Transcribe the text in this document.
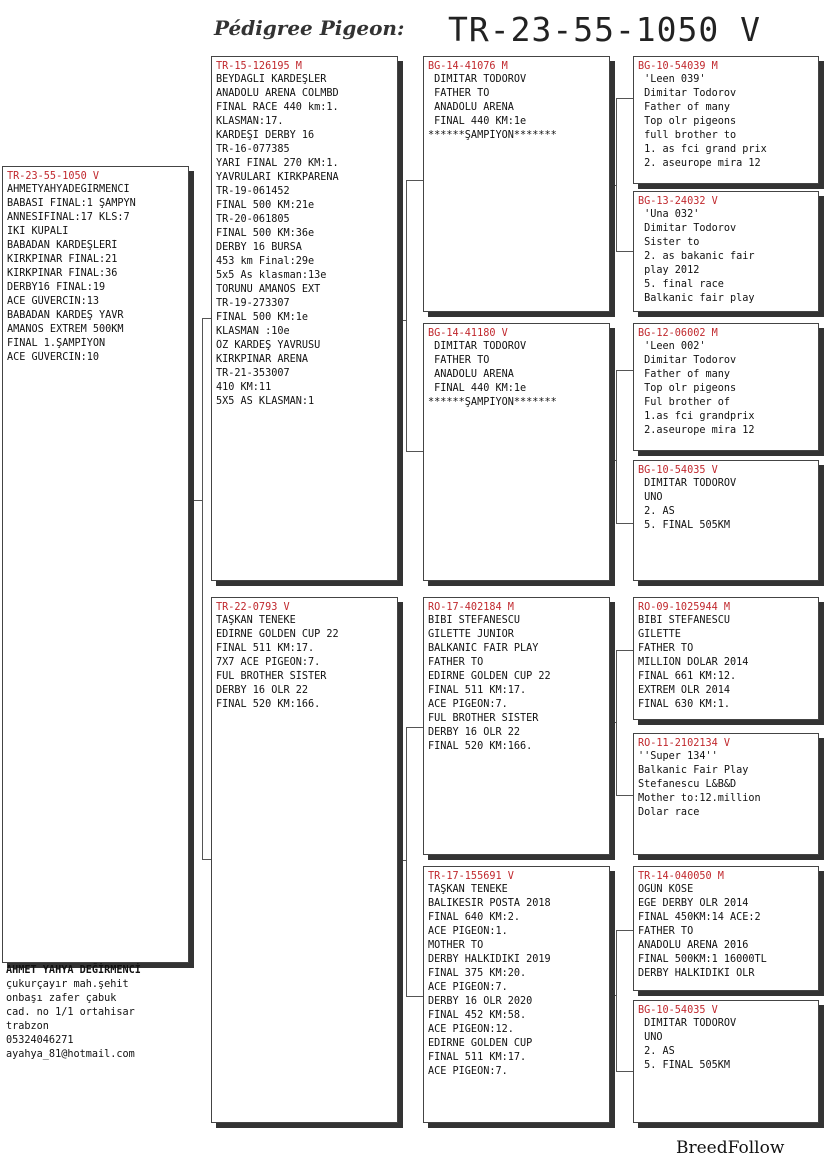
Pédigree Pigeon: TR-23-55-1050 V
TR-23-55-1050 V
AHMETYAHYADEĞİRMENCİ
BABASI FİNAL:1 ŞAMPYN
ANNESİFİNAL:17 KLS:7
İKİ KUPALI
BABADAN KARDEŞLERİ
KIRKPINAR FİNAL:21
KIRKPINAR FİNAL:36
DERBY16 FİNAL:19
ACE GÜVERCİN:13
BABADAN KARDEŞ YAVR
AMANOS EXTREM 500KM
FİNAL 1.ŞAMPİYON
ACE GÜVERCİN:10
TR-15-126195 M
BEYDAĞLI KARDEŞLER
ANADOLU ARENA COLMBD
FİNAL RACE 440 km:1.
KLASMAN:17.
KARDEŞİ DERBY 16
TR-16-077385
YARI FİNAL 270 KM:1.
YAVRULARI KIRKPARENA
TR-19-061452
FİNAL 500 KM:21e
TR-20-061805
FİNAL 500 KM:36e
DERBY 16 BURSA
453 km Final:29e
5x5 As klasman:13e
TORUNU AMANOS EXT
TR-19-273307
FİNAL 500 KM:1e
KLASMAN :10e
ÖZ KARDEŞ YAVRUSU
KIRKPINAR ARENA
TR-21-353007
410 KM:11
5X5 AS KLASMAN:1
TR-22-0793 V
TAŞKAN TENEKE
EDİRNE GOLDEN CUP 22
FİNAL 511 KM:17.
7X7 ACE PİGEON:7.
FUL BROTHER SİSTER
DERBY 16 OLR 22
FİNAL 520 KM:166.
BG-14-41076 M
DİMİTAR TODOROV
FATHER TO
ANADOLU ARENA
FİNAL 440 KM:1e
******ŞAMPİYON*******
BG-14-41180 V
DİMİTAR TODOROV
FATHER TO
ANADOLU ARENA
FİNAL 440 KM:1e
******ŞAMPİYON*******
RO-17-402184 M
BİBİ STEFANESCU
GİLETTE JUNİOR
BALKANİC FAİR PLAY
FATHER TO
EDİRNE GOLDEN CUP 22
FİNAL 511 KM:17.
ACE PİGEON:7.
FUL BROTHER SİSTER
DERBY 16 OLR 22
FİNAL 520 KM:166.
TR-17-155691 V
TAŞKAN TENEKE
BALIKESİR POSTA 2018
FİNAL 640 KM:2.
ACE PİGEON:1.
MOTHER TO
DERBY HALKİDİKİ 2019
FİNAL 375 KM:20.
ACE PİGEON:7.
DERBY 16 OLR 2020
FİNAL 452 KM:58.
ACE PİGEON:12.
EDİRNE GOLDEN CUP
FİNAL 511 KM:17.
ACE PİGEON:7.
BG-10-54039 M
'Leen 039'
Dimitar Todorov
Father of many
Top olr pigeons
full brother to
1. as fci grand prix
2. aseurope mira 12
BG-13-24032 V
'Una 032'
Dimitar Todorov
Sister to
2. as bakanic fair
play 2012
5. final race
Balkanic fair play
BG-12-06002 M
'Leen 002'
Dimitar Todorov
Father of many
Top olr pigeons
Ful brother of
1.as fci grandprix
2.aseurope mira 12
BG-10-54035 V
DİMİTAR TODOROV
UNO
2. AS
5. FİNAL 505KM
RO-09-1025944 M
BİBİ STEFANESCU
GİLETTE
FATHER TO
MİLLİON DOLAR 2014
FİNAL 661 KM:12.
EXTREM OLR 2014
FİNAL 630 KM:1.
RO-11-2102134 V
''Super 134''
Balkanic Fair Play
Stefanescu L&B&D
Mother to:12.million
Dolar race
TR-14-040050 M
OGÜN KÖSE
EGE DERBY OLR 2014
FİNAL 450KM:14 ACE:2
FATHER TO
ANADOLU ARENA 2016
FİNAL 500KM:1 16000TL
DERBY HALKİDİKİ OLR
BG-10-54035 V
DİMİTAR TODOROV
UNO
2. AS
5. FİNAL 505KM
AHMET YAHYA DEĞİRMENCİ
çukurçayır mah.şehit
onbaşı zafer çabuk
cad. no 1/1 ortahisar
trabzon
05324046271
ayahya_81@hotmail.com
BreedFollow
